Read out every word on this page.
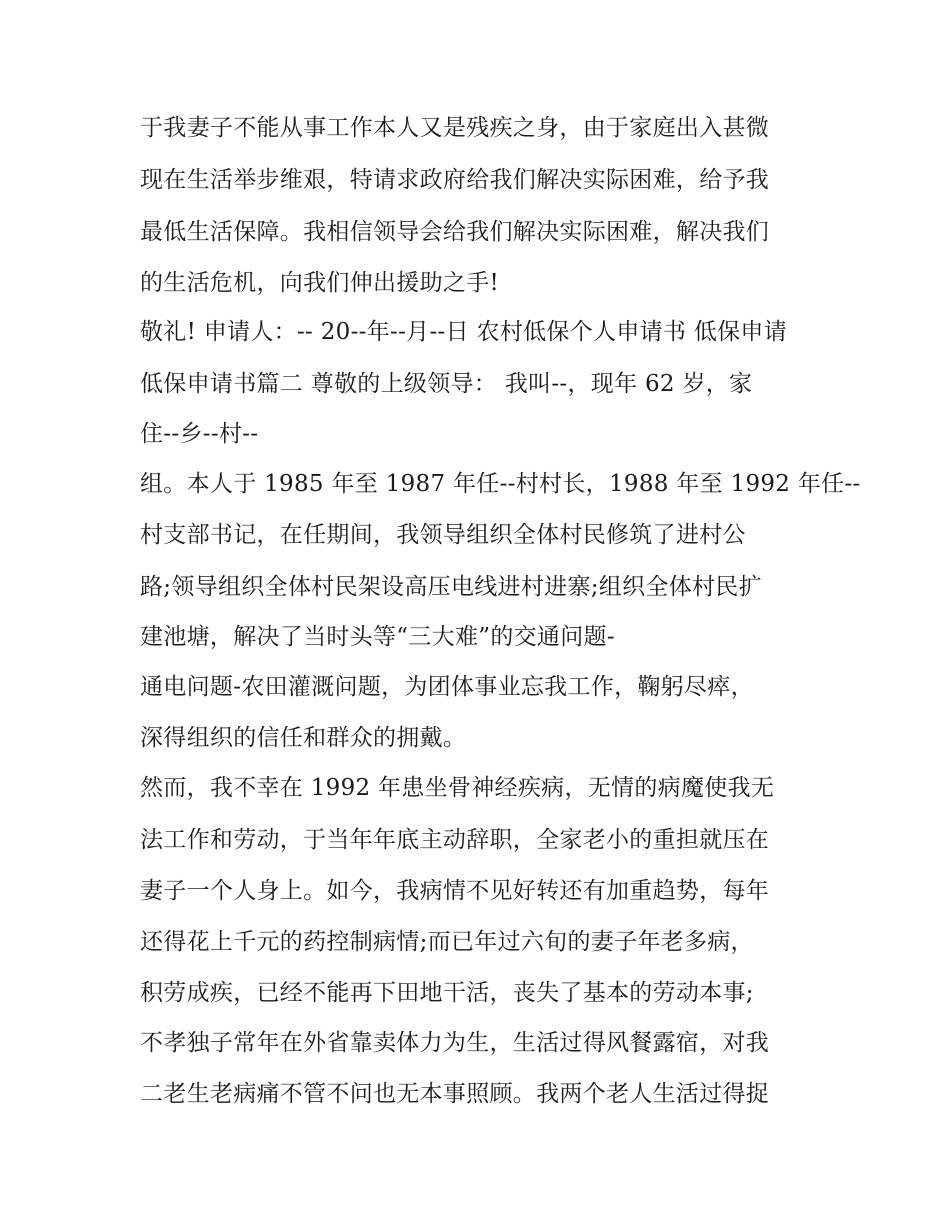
于我妻子不能从事工作本人又是残疾之身，由于家庭出入甚微
现在生活举步维艰，特请求政府给我们解决实际困难，给予我
最低生活保障。我相信领导会给我们解决实际困难，解决我们
的生活危机，向我们伸出援助之手!
敬礼! 申请人：-- 20--年--月--日 农村低保个人申请书 低保申请
低保申请书篇二 尊敬的上级领导： 我叫--，现年 62 岁，家
住--乡--村--
组。本人于 1985 年至 1987 年任--村村长，1988 年至 1992 年任--
村支部书记，在任期间，我领导组织全体村民修筑了进村公
路;领导组织全体村民架设高压电线进村进寨;组织全体村民扩
建池塘，解决了当时头等“三大难”的交通问题-
通电问题-农田灌溉问题，为团体事业忘我工作，鞠躬尽瘁，
深得组织的信任和群众的拥戴。
然而，我不幸在 1992 年患坐骨神经疾病，无情的病魔使我无
法工作和劳动，于当年年底主动辞职，全家老小的重担就压在
妻子一个人身上。如今，我病情不见好转还有加重趋势，每年
还得花上千元的药控制病情;而已年过六旬的妻子年老多病，
积劳成疾，已经不能再下田地干活，丧失了基本的劳动本事;
不孝独子常年在外省靠卖体力为生，生活过得风餐露宿，对我
二老生老病痛不管不问也无本事照顾。我两个老人生活过得捉
